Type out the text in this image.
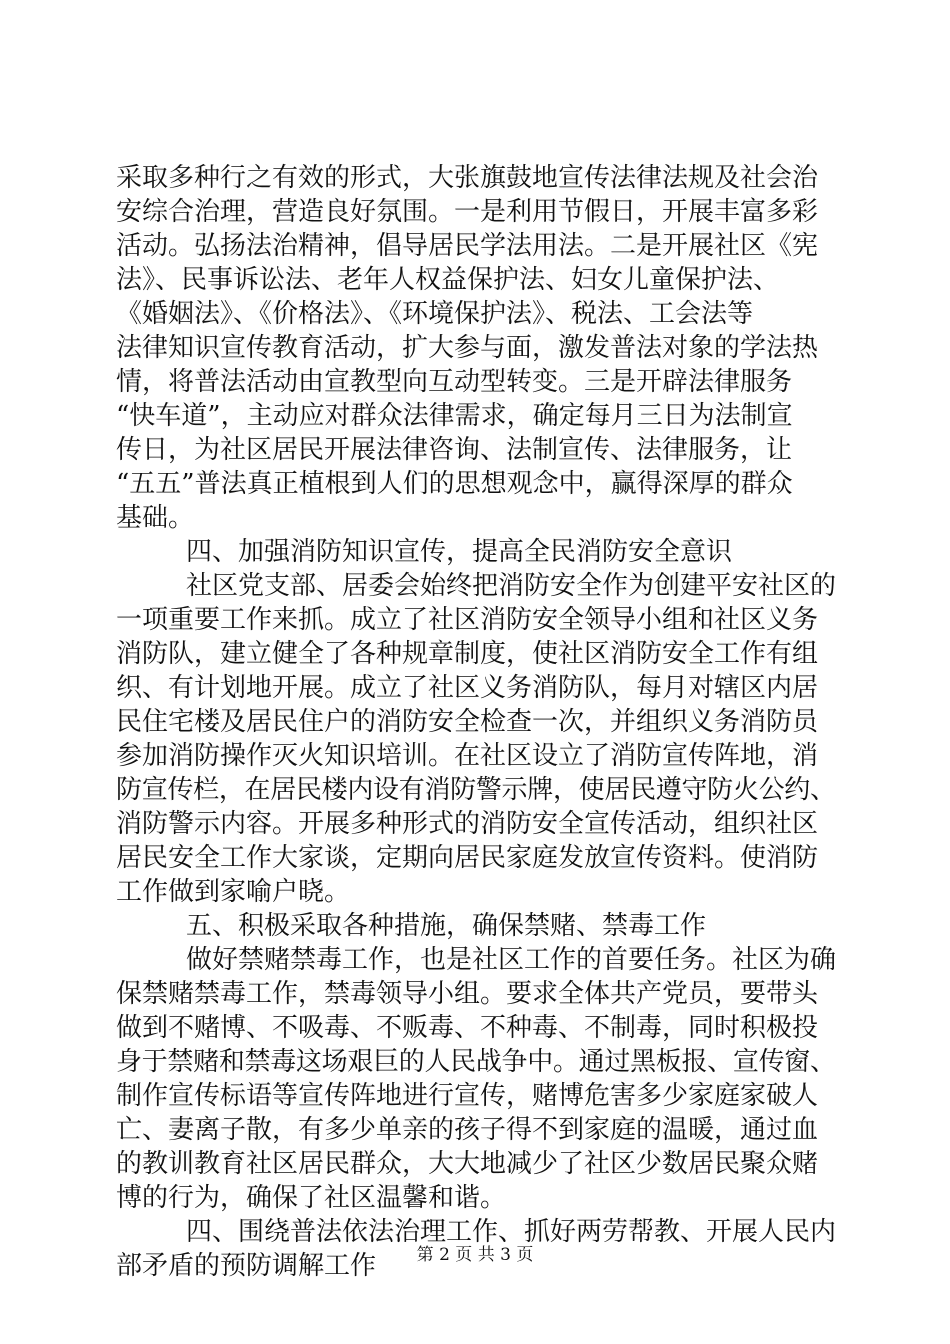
采取多种行之有效的形式，大张旗鼓地宣传法律法规及社会治
安综合治理，营造良好氛围。一是利用节假日，开展丰富多彩
活动。弘扬法治精神，倡导居民学法用法。二是开展社区《宪
法》、民事诉讼法、老年人权益保护法、妇女儿童保护法、
《婚姻法》、《价格法》、《环境保护法》、税法、工会法等
法律知识宣传教育活动，扩大参与面，激发普法对象的学法热
情，将普法活动由宣教型向互动型转变。三是开辟法律服务
“快车道”，主动应对群众法律需求，确定每月三日为法制宣
传日，为社区居民开展法律咨询、法制宣传、法律服务，让
“五五”普法真正植根到人们的思想观念中，赢得深厚的群众
基础。
四、加强消防知识宣传，提高全民消防安全意识
社区党支部、居委会始终把消防安全作为创建平安社区的
一项重要工作来抓。成立了社区消防安全领导小组和社区义务
消防队，建立健全了各种规章制度，使社区消防安全工作有组
织、有计划地开展。成立了社区义务消防队，每月对辖区内居
民住宅楼及居民住户的消防安全检查一次，并组织义务消防员
参加消防操作灭火知识培训。在社区设立了消防宣传阵地，消
防宣传栏，在居民楼内设有消防警示牌，使居民遵守防火公约、
消防警示内容。开展多种形式的消防安全宣传活动，组织社区
居民安全工作大家谈，定期向居民家庭发放宣传资料。使消防
工作做到家喻户晓。
五、积极采取各种措施，确保禁赌、禁毒工作
做好禁赌禁毒工作，也是社区工作的首要任务。社区为确
保禁赌禁毒工作，禁毒领导小组。要求全体共产党员，要带头
做到不赌博、不吸毒、不贩毒、不种毒、不制毒，同时积极投
身于禁赌和禁毒这场艰巨的人民战争中。通过黑板报、宣传窗、
制作宣传标语等宣传阵地进行宣传，赌博危害多少家庭家破人
亡、妻离子散，有多少单亲的孩子得不到家庭的温暖，通过血
的教训教育社区居民群众，大大地减少了社区少数居民聚众赌
博的行为，确保了社区温馨和谐。
四、围绕普法依法治理工作、抓好两劳帮教、开展人民内
部矛盾的预防调解工作	第 2 页 共 3 页
